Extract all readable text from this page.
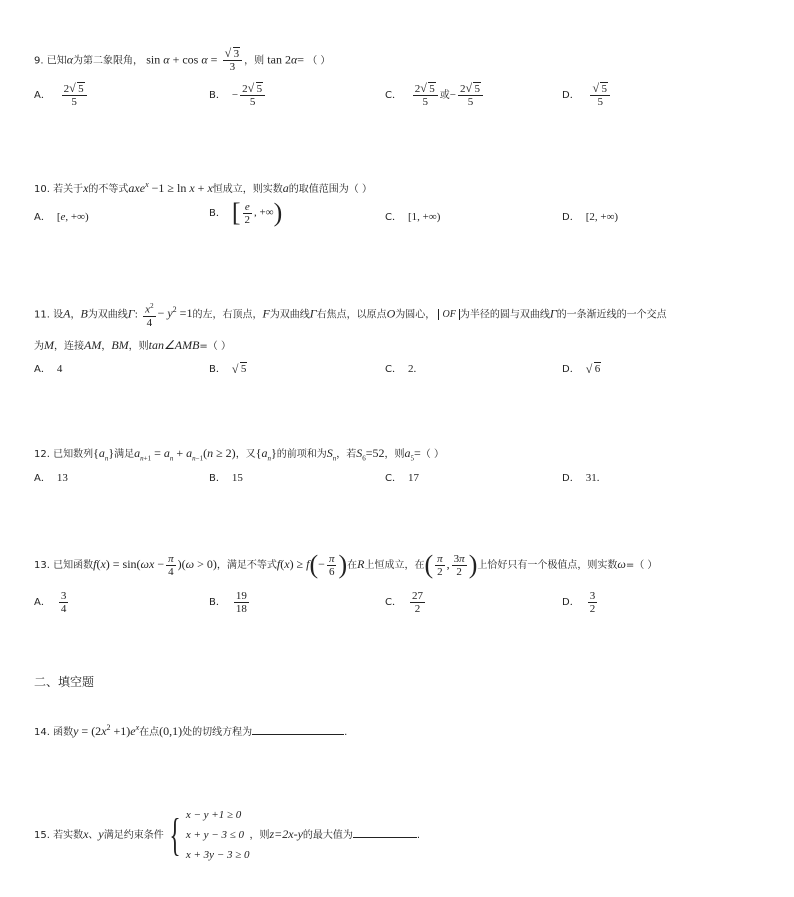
9. 已知α为第二象限角， sin α + cos α = √ $\frac{3}{3}$ ，则 tan 2α= （ ）
A． $\frac{2 √ 5}{5}$	B． − $\frac{2 √ 5}{5}$	C． $\frac{2 √ 5}{5}$ 或− $\frac{2 √ 5}{5}$	D． √ $\frac{5}{5}$
10. 若关于x的不等式axe$^x$ −1 ≥ ln x + x恒成立，则实数a的取值范围为（ ）
A． [e, +∞)	B． [ $\frac{e}{2}$ , +∞)	C． [1, +∞)	D． [2, +∞)
11. 设A，B为双曲线Γ: $\frac{x^2}{4} - y^2 =1$的左，右顶点，F为双曲线Γ右焦点，以原点O为圆心， OF 为半径的圆与双曲线Γ的一条渐近线的一个交点
为M，连接AM，BM，则tan∠AMB=（ ）
A． 4	B． √ 5	C． 2.	D． √ 6
12. 已知数列$\{a_n\}$满足$a_{n+1} = a_n + a_{n-1}(n \ge 2)$，又$\{a_n\}$的前项和为$S_n$，若$S_6=52$，则$a_5=$（ ）
A． 13	B． 15	C． 17	D． 31.
13. 已知函数$f(x) = \sin(\omega x - \frac{\pi}{4} )(\omega > 0)$，满足不等式$f(x) \ge f(- \frac{\pi}{6}$ )在R上恒成立，在( $\frac{\pi}{2}$ , $\frac{3\pi}{2}$ )上恰好只有一个极值点，则实数ω=（ ）
A． $\frac{3}{4}$	B． $\frac{19}{18}$	C． $\frac{27}{2}$	D． $\frac{3}{2}$
二、填空题
14. 函数$y = (2x^2 +1)e^x$在点(0,1)处的切线方程为	.
15. 若实数x、y满足约束条件 { x − y +1 ≥ 0
x + y − 3 ≤ 0
x + 3y − 3 ≥ 0
，则z=2x-y的最大值为	.
